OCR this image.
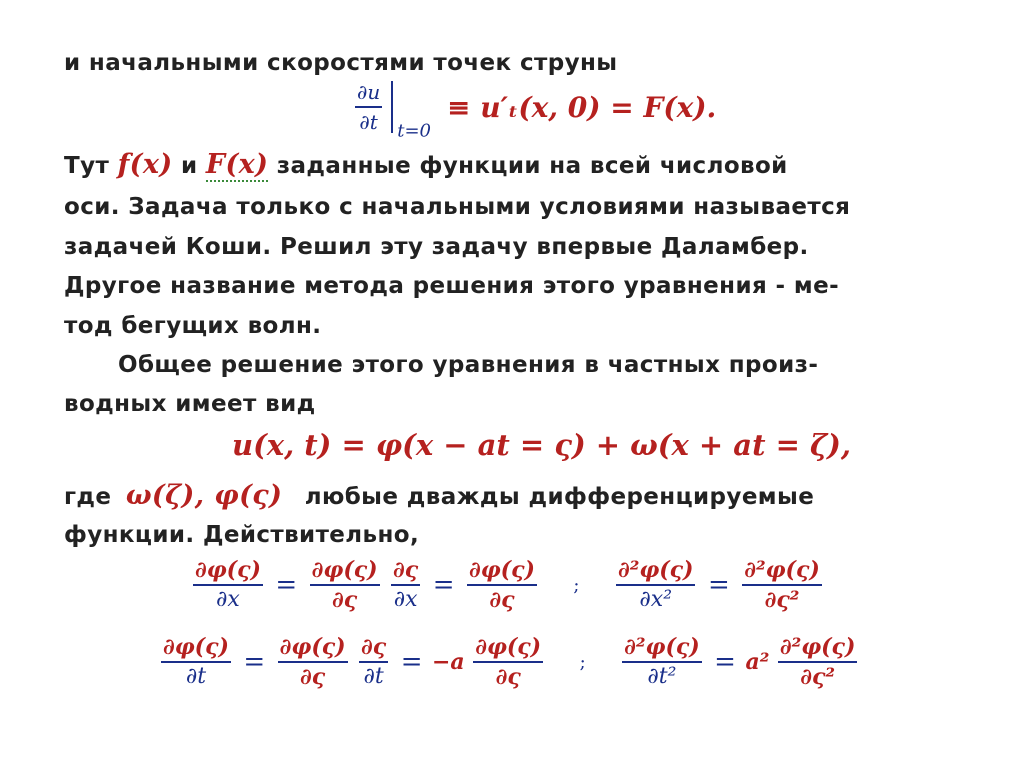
и начальными скоростями точек струны
$\frac{\partial u}{\partial t} t=0 \equiv u'_t(x$, 0) = F(x).
Тут f(x) и F(x) заданные функции на всей числовой
оси. Задача только с начальными условиями называется
задачей Коши. Решил эту задачу впервые Даламбер.
Другое название метода решения этого уравнения - ме-
тод бегущих волн.
Общее решение этого уравнения в частных произ-
водных имеет вид
u(x, t) = φ(x − at = ς) + ω(x + at = ζ),
где ω(ζ), φ(ς) любые дважды дифференцируемые
функции. Действительно,
$\frac{\partial\varphi(\varsigma)}{\partial x} = \frac{\partial\varphi(\varsigma)}{\partial\varsigma}$
$\frac{\partial\varsigma}{\partial x} = \frac{\partial\varphi(\varsigma)}{\partial\varsigma}$ ; $\frac{\text{∂²φ(ς)}}{\text{∂x²}} = \frac{\text{∂²φ(ς)}}{\text{∂ς²}}$
$\frac{\partial\varphi(\varsigma)}{\partial t} = \frac{\partial\varphi(\varsigma)}{\partial\varsigma}$
$\frac{\partial\varsigma}{\partial t} = -a \frac{\partial\varphi(\varsigma)}{\partial\varsigma}$ ; $\frac{\text{∂²φ(ς)}}{\text{∂t²}} = a^2 \frac{\text{∂²φ(ς)}}{\text{∂ς²}}$
